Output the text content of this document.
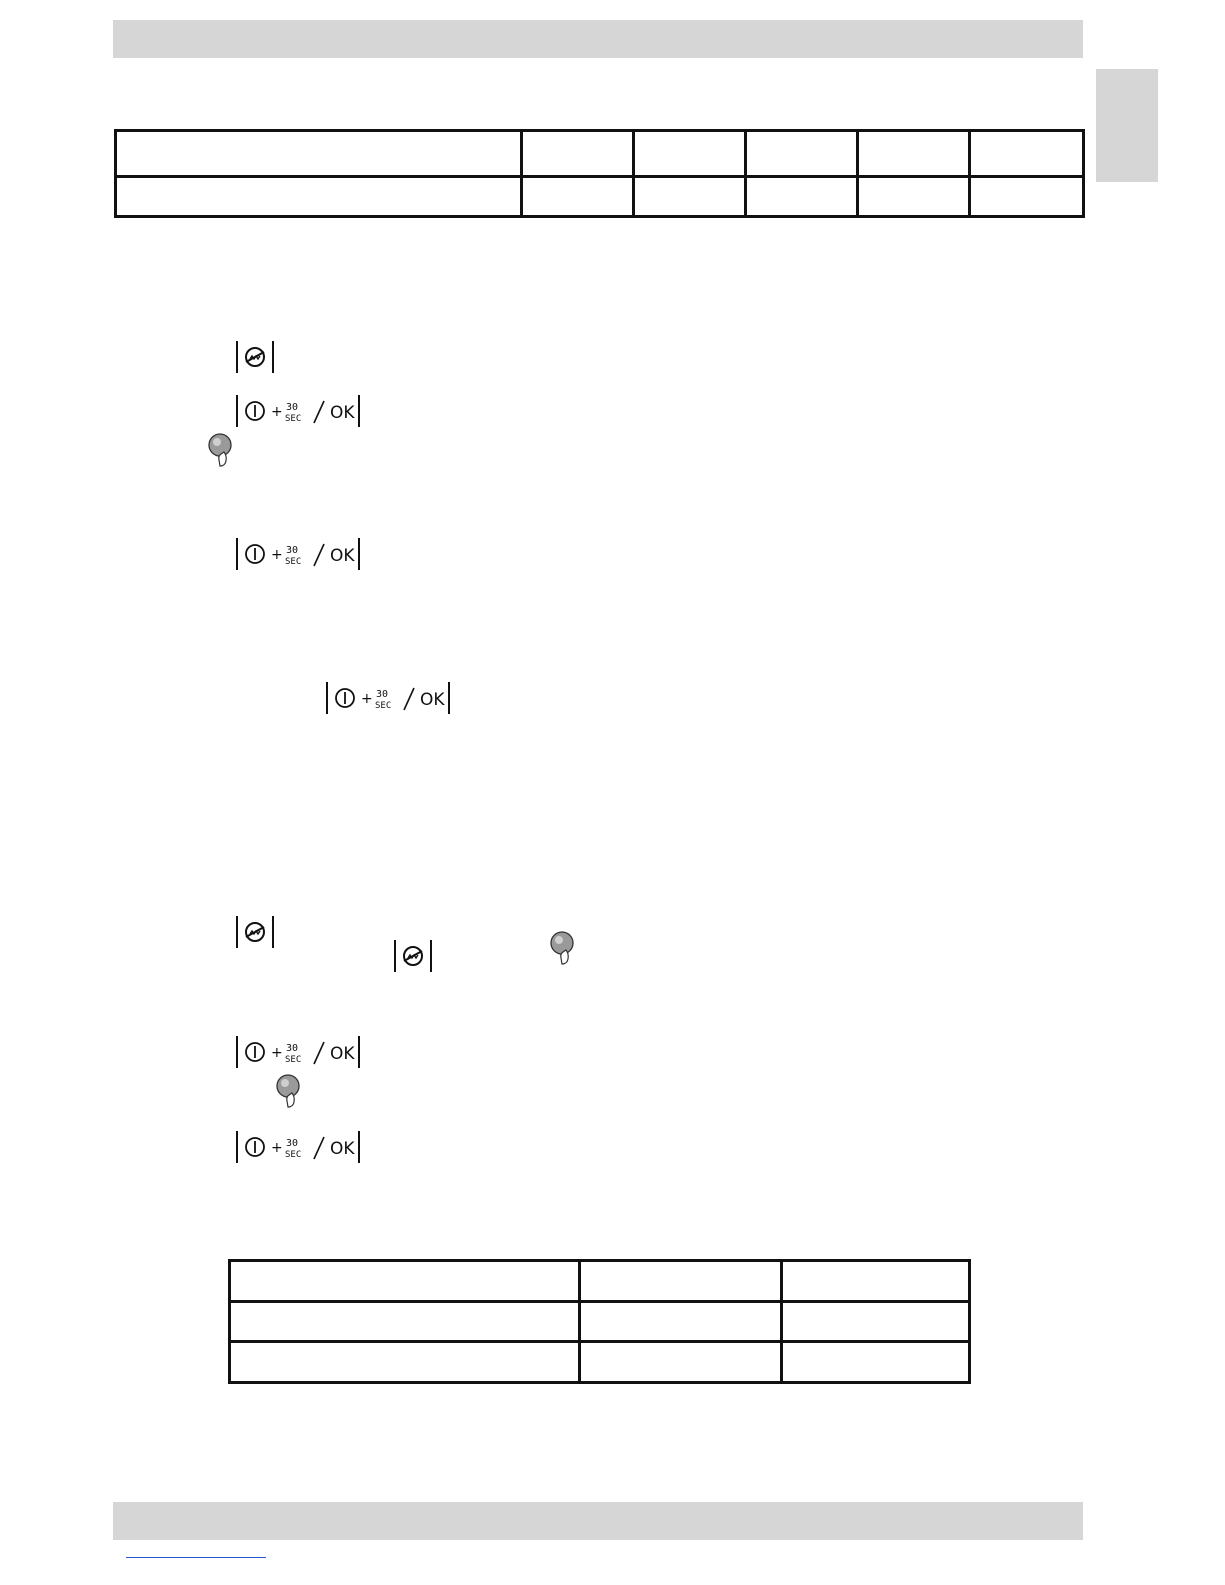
+ 30
SEC OK
+ 30
SEC OK
+ 30
SEC OK
+ 30
SEC OK
+ 30
SEC OK
